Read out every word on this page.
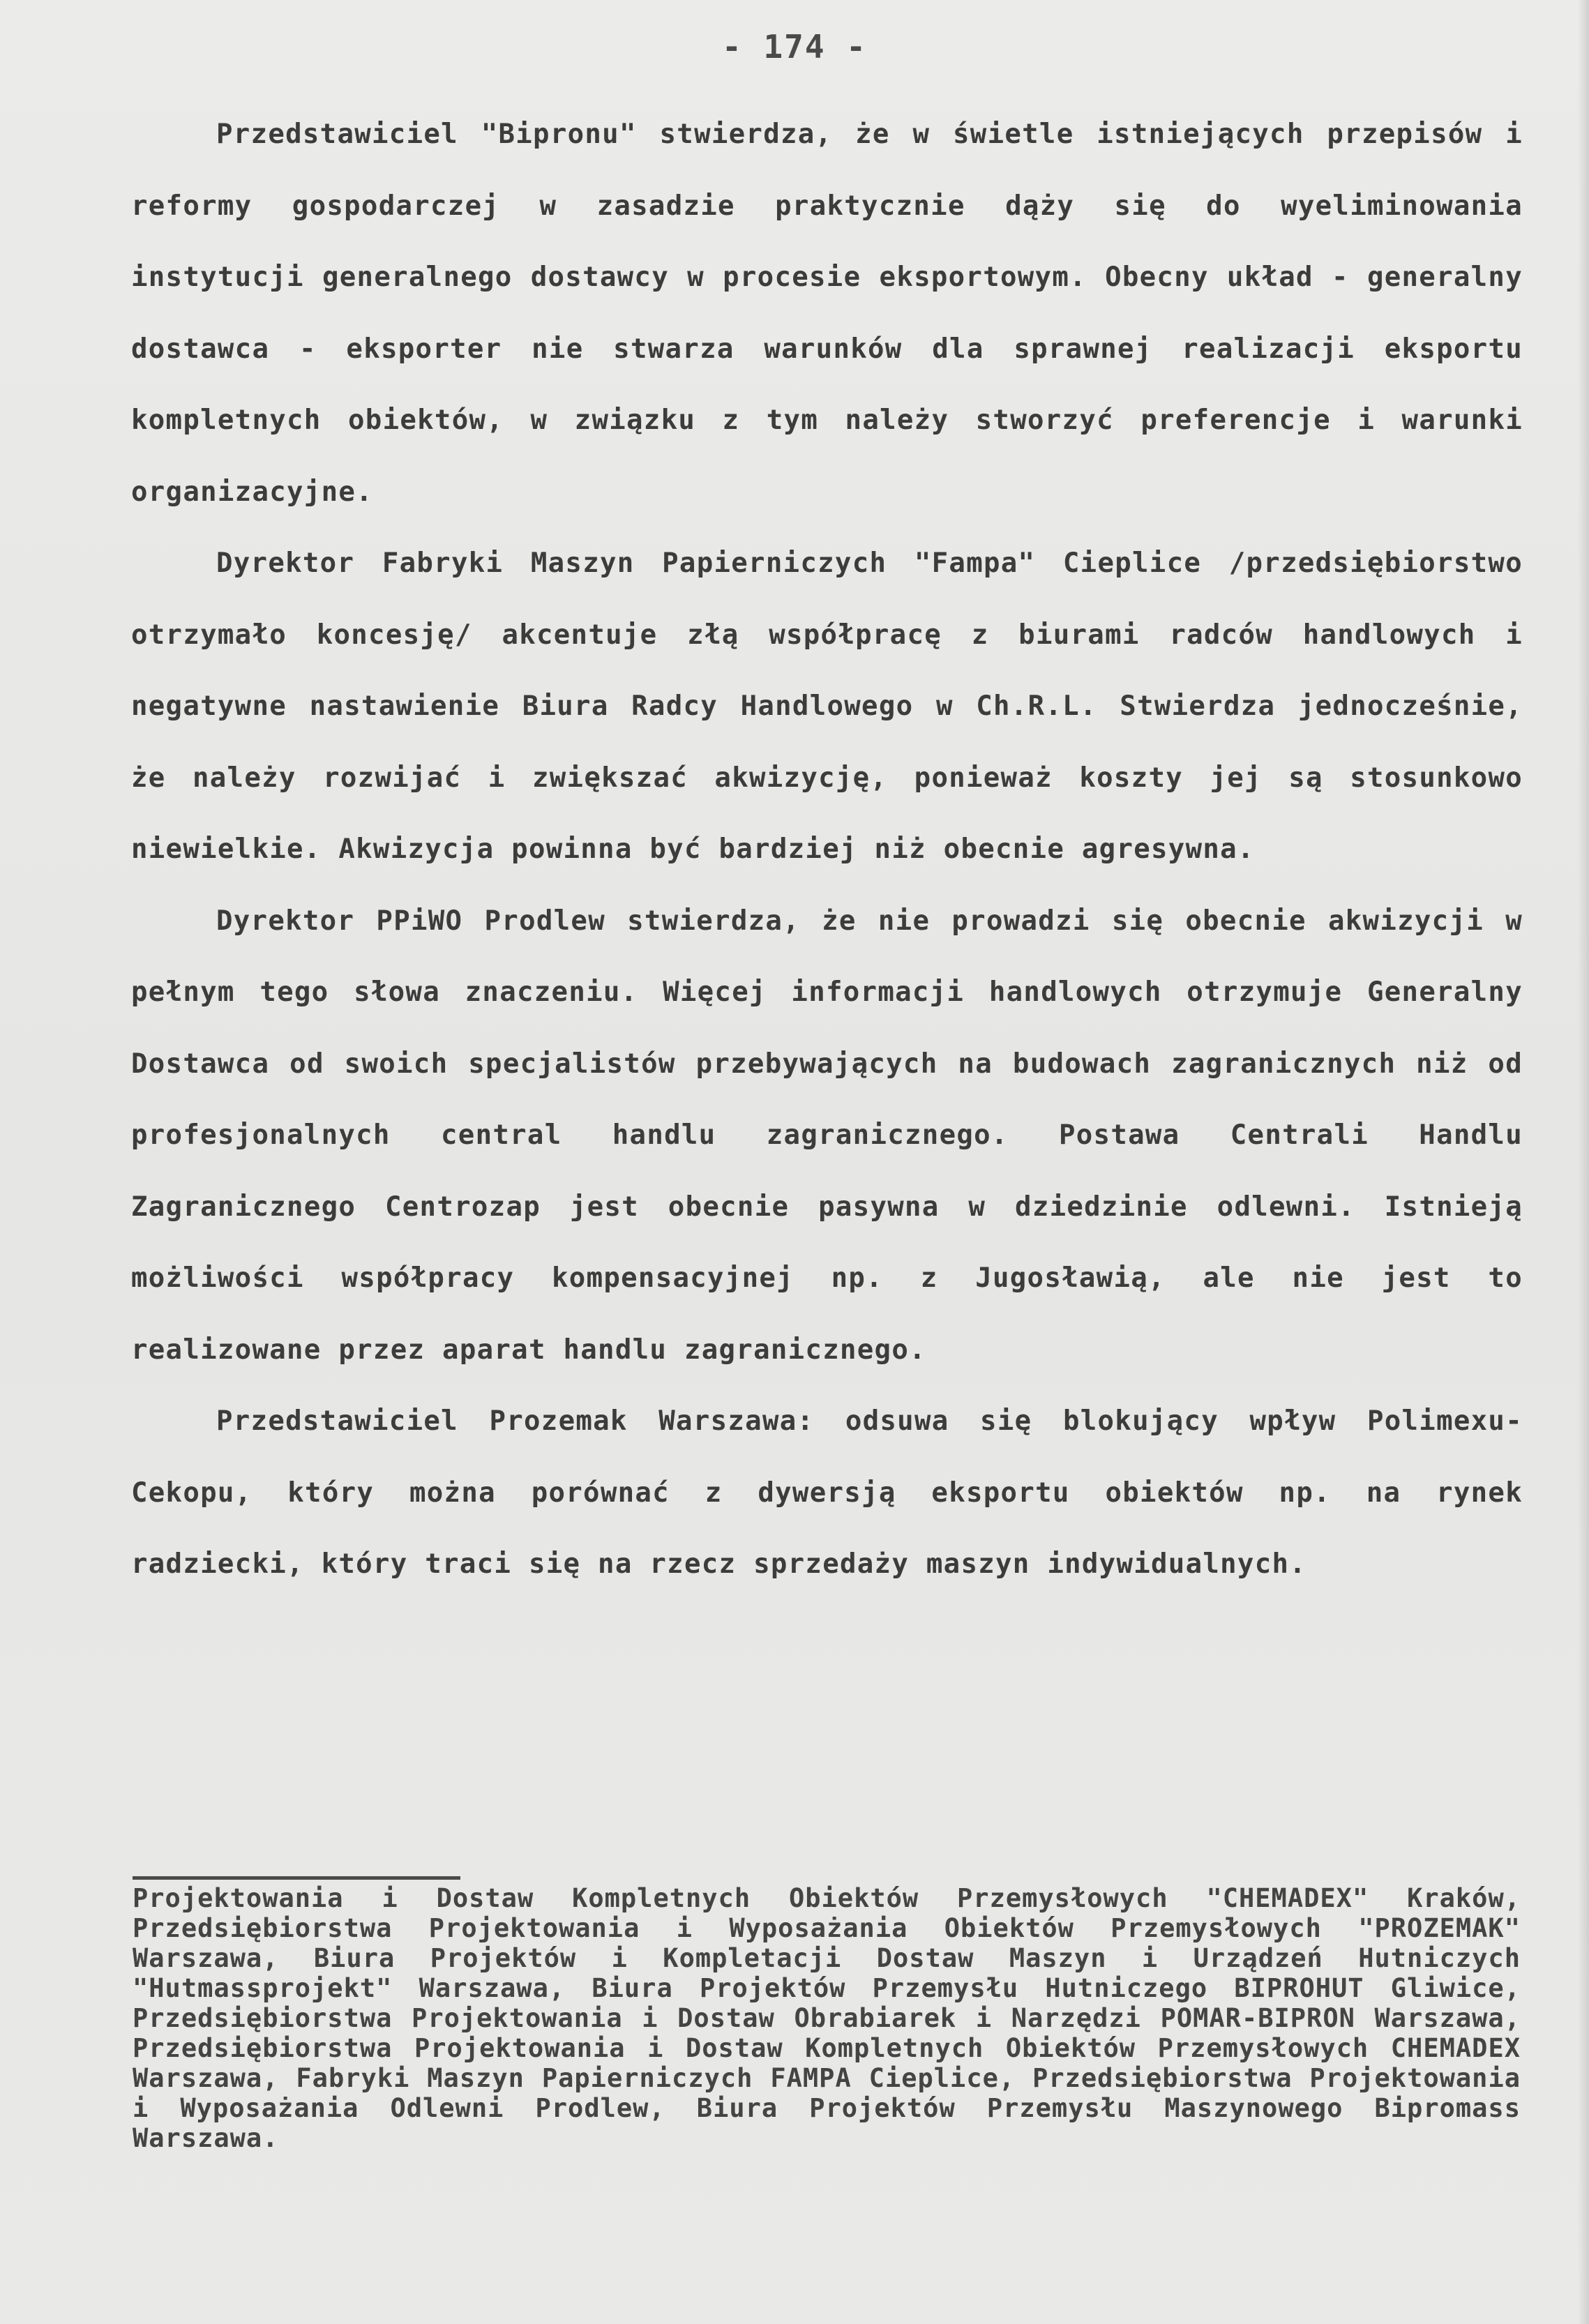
- 174 -

Przedstawiciel "Bipronu" stwierdza, że w świetle istniejących przepisów i reformy gospodarczej w zasadzie praktycznie dąży się do wyeliminowania instytucji generalnego dostawcy w procesie eksportowym. Obecny układ - generalny dostawca - eksporter nie stwarza warunków dla sprawnej realizacji eksportu kompletnych obiektów, w związku z tym należy stworzyć preferencje i warunki organizacyjne.

Dyrektor Fabryki Maszyn Papierniczych "Fampa" Cieplice /przedsiębiorstwo otrzymało koncesję/ akcentuje złą współpracę z biurami radców handlowych i negatywne nastawienie Biura Radcy Handlowego w Ch.R.L. Stwierdza jednocześnie, że należy rozwijać i zwiększać akwizycję, ponieważ koszty jej są stosunkowo niewielkie. Akwizycja powinna być bardziej niż obecnie agresywna.

Dyrektor PPiWO Prodlew stwierdza, że nie prowadzi się obecnie akwizycji w pełnym tego słowa znaczeniu. Więcej informacji handlowych otrzymuje Generalny Dostawca od swoich specjalistów przebywających na budowach zagranicznych niż od profesjonalnych central handlu zagranicznego. Postawa Centrali Handlu Zagranicznego Centrozap jest obecnie pasywna w dziedzinie odlewni. Istnieją możliwości współpracy kompensacyjnej np. z Jugosławią, ale nie jest to realizowane przez aparat handlu zagranicznego.

Przedstawiciel Prozemak Warszawa: odsuwa się blokujący wpływ Polimexu-Cekopu, który można porównać z dywersją eksportu obiektów np. na rynek radziecki, który traci się na rzecz sprzedaży maszyn indywidualnych.

Projektowania i Dostaw Kompletnych Obiektów Przemysłowych "CHEMADEX" Kraków, Przedsiębiorstwa Projektowania i Wyposażania Obiektów Przemysłowych "PROZEMAK" Warszawa, Biura Projektów i Kompletacji Dostaw Maszyn i Urządzeń Hutniczych "Hutmassprojekt" Warszawa, Biura Projektów Przemysłu Hutniczego BIPROHUT Gliwice, Przedsiębiorstwa Projektowania i Dostaw Obrabiarek i Narzędzi POMAR-BIPRON Warszawa, Przedsiębiorstwa Projektowania i Dostaw Kompletnych Obiektów Przemysłowych CHEMADEX Warszawa, Fabryki Maszyn Papierniczych FAMPA Cieplice, Przedsiębiorstwa Projektowania i Wyposażania Odlewni Prodlew, Biura Projektów Przemysłu Maszynowego Bipromass Warszawa.
